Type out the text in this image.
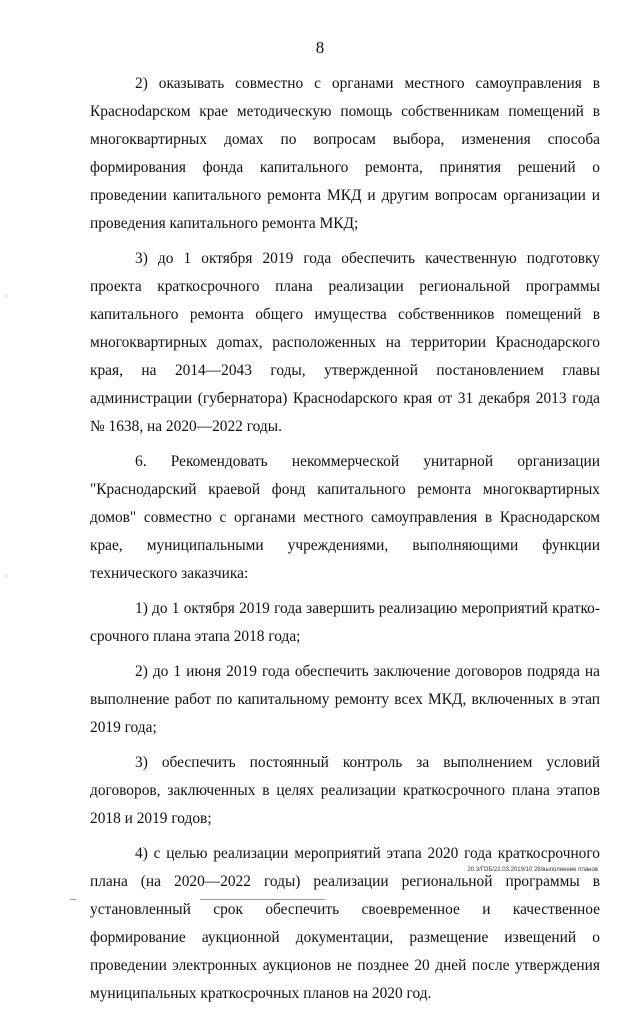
8

2) оказывать совместно с органами местного самоуправления в Красноdарском крае методическую помощь собственникам помещений в многоквартирных домах по вопросам выбора, изменения способа формирования фонда капитального ремонта, принятия решений о проведении капитального ремонта МКД и другим вопросам организации и проведения капитального ремонта МКД;

3) до 1 октября 2019 года обеспечить качественную подготовку проекта краткосрочного плана реализации региональной программы капитального ремонта общего имущества собственников помещений в многоквартирных доmах, расположенных на территории Краснодарского края, на 2014—2043 годы, утвержденной постановлением главы администрации (губернатора) Красноdарского края от 31 декабря 2013 года № 1638, на 2020—2022 годы.

6. Рекомендовать некоммерческой унитарной организации "Краснодарский краевой фонд капитального ремонта многоквартирных домов" совместно с органами местного самоуправления в Краснодарском крае, муниципальными учреждениями, выполняющими функции технического заказчика:

1) до 1 октября 2019 года завершить реализацию мероприятий краткосрочного плана этапа 2018 года;

2) до 1 июня 2019 года обеспечить заключение договоров подряда на выполнение работ по капитальному ремонту всех МКД, включенных в этап 2019 года;

3) обеспечить постоянный контроль за выполнением условий договоров, заключенных в целях реализации краткосрочного плана этапов 2018 и 2019 годов;

4) с целью реализации мероприятий этапа 2020 года краткосрочного плана (на 2020—2022 годы) реализации региональной программы в установленный срок обеспечить своевременное и качественное формирование аукционной документации, размещение извещений о проведении электронных аукционов не позднее 20 дней после утверждения муниципальных краткосрочных планов на 2020 год.

20.3/ГОБ/22.03.2019/10 28/выполнение планов
